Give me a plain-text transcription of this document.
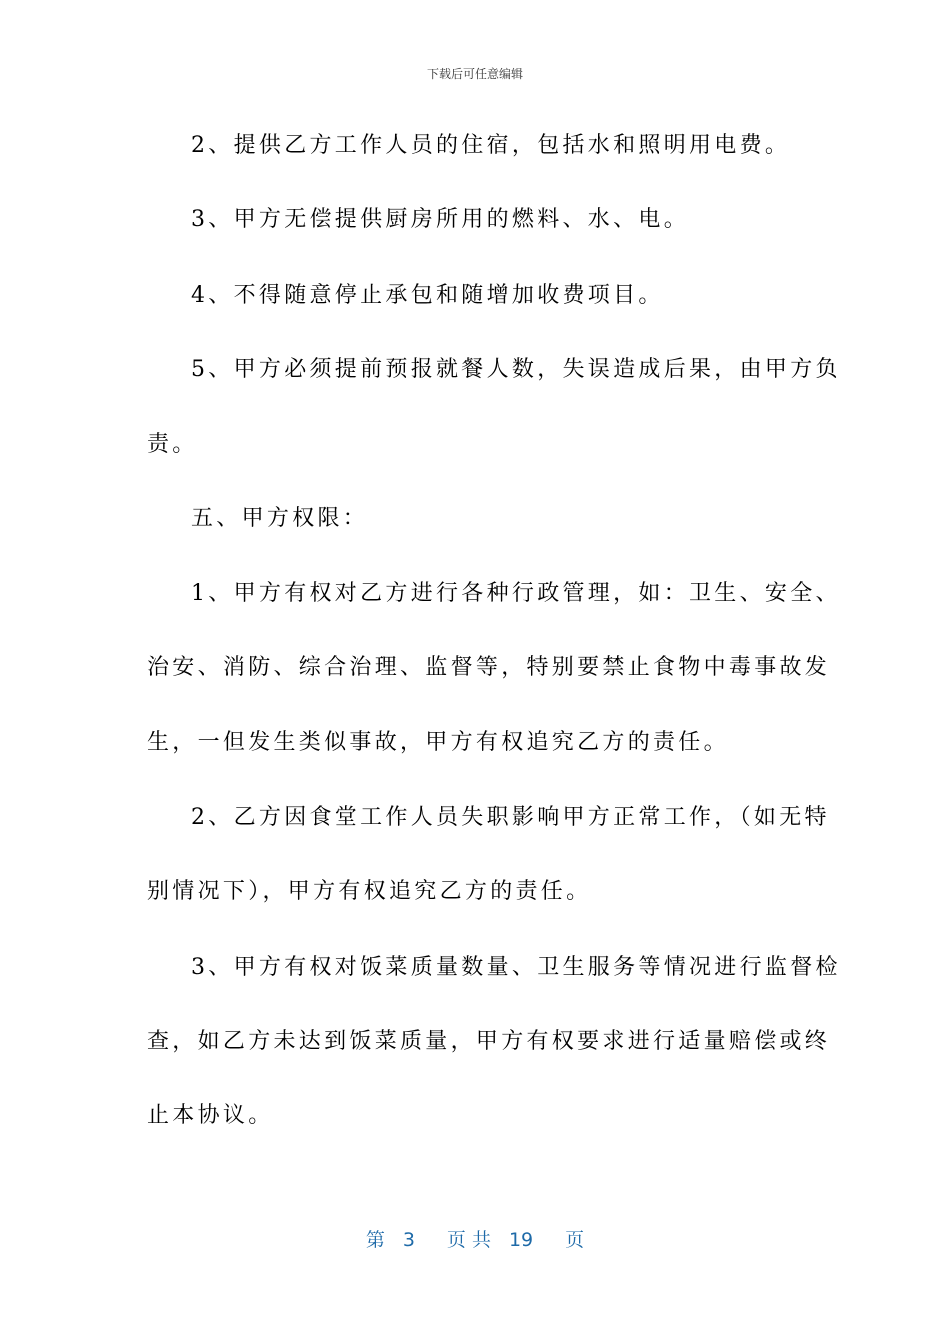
下载后可任意编辑
2、提供乙方工作人员的住宿，包括水和照明用电费。
3、甲方无偿提供厨房所用的燃料、水、电。
4、不得随意停止承包和随增加收费项目。
5、甲方必须提前预报就餐人数，失误造成后果，由甲方负
责。
五、甲方权限：
1、甲方有权对乙方进行各种行政管理，如：卫生、安全、
治安、消防、综合治理、监督等，特别要禁止食物中毒事故发
生，一但发生类似事故，甲方有权追究乙方的责任。
2、乙方因食堂工作人员失职影响甲方正常工作，（如无特
别情况下），甲方有权追究乙方的责任。
3、甲方有权对饭菜质量数量、卫生服务等情况进行监督检
查，如乙方未达到饭菜质量，甲方有权要求进行适量赔偿或终
止本协议。
第 3 页 共 19 页
